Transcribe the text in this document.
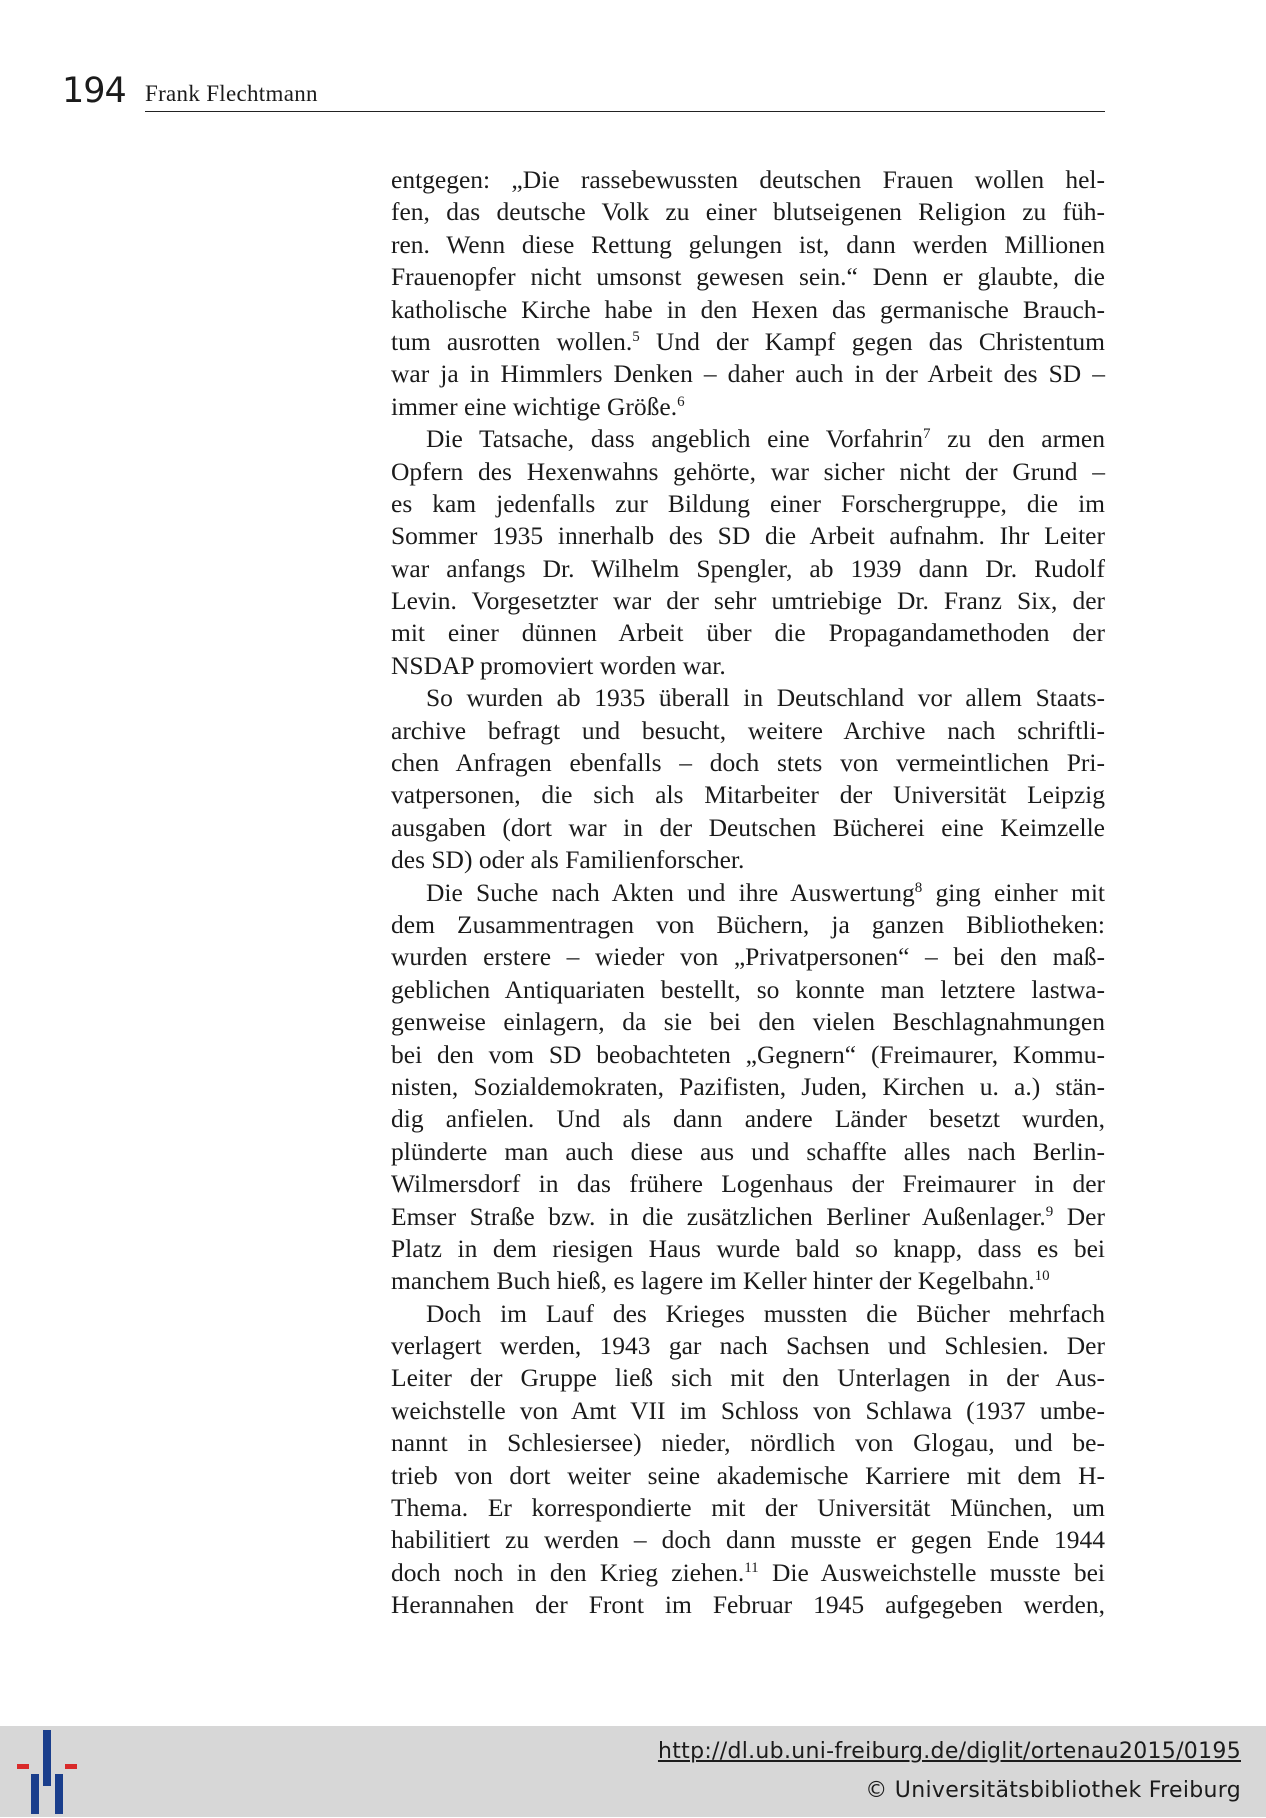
194 Frank Flechtmann
entgegen: „Die rassebewussten deutschen Frauen wollen hel-
fen, das deutsche Volk zu einer blutseigenen Religion zu füh-
ren. Wenn diese Rettung gelungen ist, dann werden Millionen
Frauenopfer nicht umsonst gewesen sein.“ Denn er glaubte, die
katholische Kirche habe in den Hexen das germanische Brauch-
tum ausrotten wollen.$^5$ Und der Kampf gegen das Christentum
war ja in Himmlers Denken – daher auch in der Arbeit des SD –
immer eine wichtige Größe.$^6$
Die Tatsache, dass angeblich eine Vorfahrin$^7$ zu den armen
Opfern des Hexenwahns gehörte, war sicher nicht der Grund –
es kam jedenfalls zur Bildung einer Forschergruppe, die im
Sommer 1935 innerhalb des SD die Arbeit aufnahm. Ihr Leiter
war anfangs Dr. Wilhelm Spengler, ab 1939 dann Dr. Rudolf
Levin. Vorgesetzter war der sehr umtriebige Dr. Franz Six, der
mit einer dünnen Arbeit über die Propagandamethoden der
NSDAP promoviert worden war.
So wurden ab 1935 überall in Deutschland vor allem Staats-
archive befragt und besucht, weitere Archive nach schriftli-
chen Anfragen ebenfalls – doch stets von vermeintlichen Pri-
vatpersonen, die sich als Mitarbeiter der Universität Leipzig
ausgaben (dort war in der Deutschen Bücherei eine Keimzelle
des SD) oder als Familienforscher.
Die Suche nach Akten und ihre Auswertung$^8$ ging einher mit
dem Zusammentragen von Büchern, ja ganzen Bibliotheken:
wurden erstere – wieder von „Privatpersonen“ – bei den maß-
geblichen Antiquariaten bestellt, so konnte man letztere lastwa-
genweise einlagern, da sie bei den vielen Beschlagnahmungen
bei den vom SD beobachteten „Gegnern“ (Freimaurer, Kommu-
nisten, Sozialdemokraten, Pazifisten, Juden, Kirchen u. a.) stän-
dig anfielen. Und als dann andere Länder besetzt wurden,
plünderte man auch diese aus und schaffte alles nach Berlin-
Wilmersdorf in das frühere Logenhaus der Freimaurer in der
Emser Straße bzw. in die zusätzlichen Berliner Außenlager.$^9$ Der
Platz in dem riesigen Haus wurde bald so knapp, dass es bei
manchem Buch hieß, es lagere im Keller hinter der Kegelbahn.$^{10}$
Doch im Lauf des Krieges mussten die Bücher mehrfach
verlagert werden, 1943 gar nach Sachsen und Schlesien. Der
Leiter der Gruppe ließ sich mit den Unterlagen in der Aus-
weichstelle von Amt VII im Schloss von Schlawa (1937 umbe-
nannt in Schlesiersee) nieder, nördlich von Glogau, und be-
trieb von dort weiter seine akademische Karriere mit dem H-
Thema. Er korrespondierte mit der Universität München, um
habilitiert zu werden – doch dann musste er gegen Ende 1944
doch noch in den Krieg ziehen.$^{11}$ Die Ausweichstelle musste bei
Herannahen der Front im Februar 1945 aufgegeben werden,
http://dl.ub.uni-freiburg.de/diglit/ortenau2015/0195
© Universitätsbibliothek Freiburg
